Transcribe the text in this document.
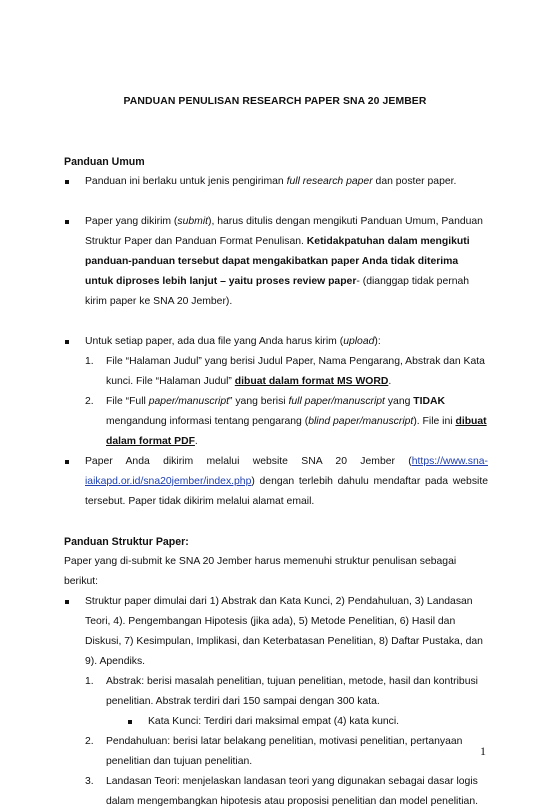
PANDUAN PENULISAN RESEARCH PAPER SNA 20 JEMBER
Panduan Umum

Panduan ini berlaku untuk jenis pengiriman full research paper dan poster paper.

Paper yang dikirim (submit), harus ditulis dengan mengikuti Panduan Umum, Panduan Struktur Paper dan Panduan Format Penulisan. Ketidakpatuhan dalam mengikuti panduan-panduan tersebut dapat mengakibatkan paper Anda tidak diterima untuk diproses lebih lanjut – yaitu proses review paper- (dianggap tidak pernah kirim paper ke SNA 20 Jember).

Untuk setiap paper, ada dua file yang Anda harus kirim (upload):

1. File “Halaman Judul” yang berisi Judul Paper, Nama Pengarang, Abstrak dan Kata kunci. File “Halaman Judul” dibuat dalam format MS WORD.

2. File “Full paper/manuscript” yang berisi full paper/manuscript yang TIDAK mengandung informasi tentang pengarang (blind paper/manuscript). File ini dibuat dalam format PDF.

Paper Anda dikirim melalui website SNA 20 Jember (https://www.sna-iaikapd.or.id/sna20jember/index.php) dengan terlebih dahulu mendaftar pada website tersebut. Paper tidak dikirim melalui alamat email.

Panduan Struktur Paper:

Paper yang di-submit ke SNA 20 Jember harus memenuhi struktur penulisan sebagai berikut:

Struktur paper dimulai dari 1) Abstrak dan Kata Kunci, 2) Pendahuluan, 3) Landasan Teori, 4). Pengembangan Hipotesis (jika ada), 5) Metode Penelitian, 6) Hasil dan Diskusi, 7) Kesimpulan, Implikasi, dan Keterbatasan Penelitian, 8) Daftar Pustaka, dan 9). Apendiks.

1. Abstrak: berisi masalah penelitian, tujuan penelitian, metode, hasil dan kontribusi penelitian. Abstrak terdiri dari 150 sampai dengan 300 kata.

Kata Kunci: Terdiri dari maksimal empat (4) kata kunci.

2. Pendahuluan: berisi latar belakang penelitian, motivasi penelitian, pertanyaan penelitian dan tujuan penelitian.

3. Landasan Teori: menjelaskan landasan teori yang digunakan sebagai dasar logis dalam mengembangkan hipotesis atau proposisi penelitian dan model penelitian.

1
